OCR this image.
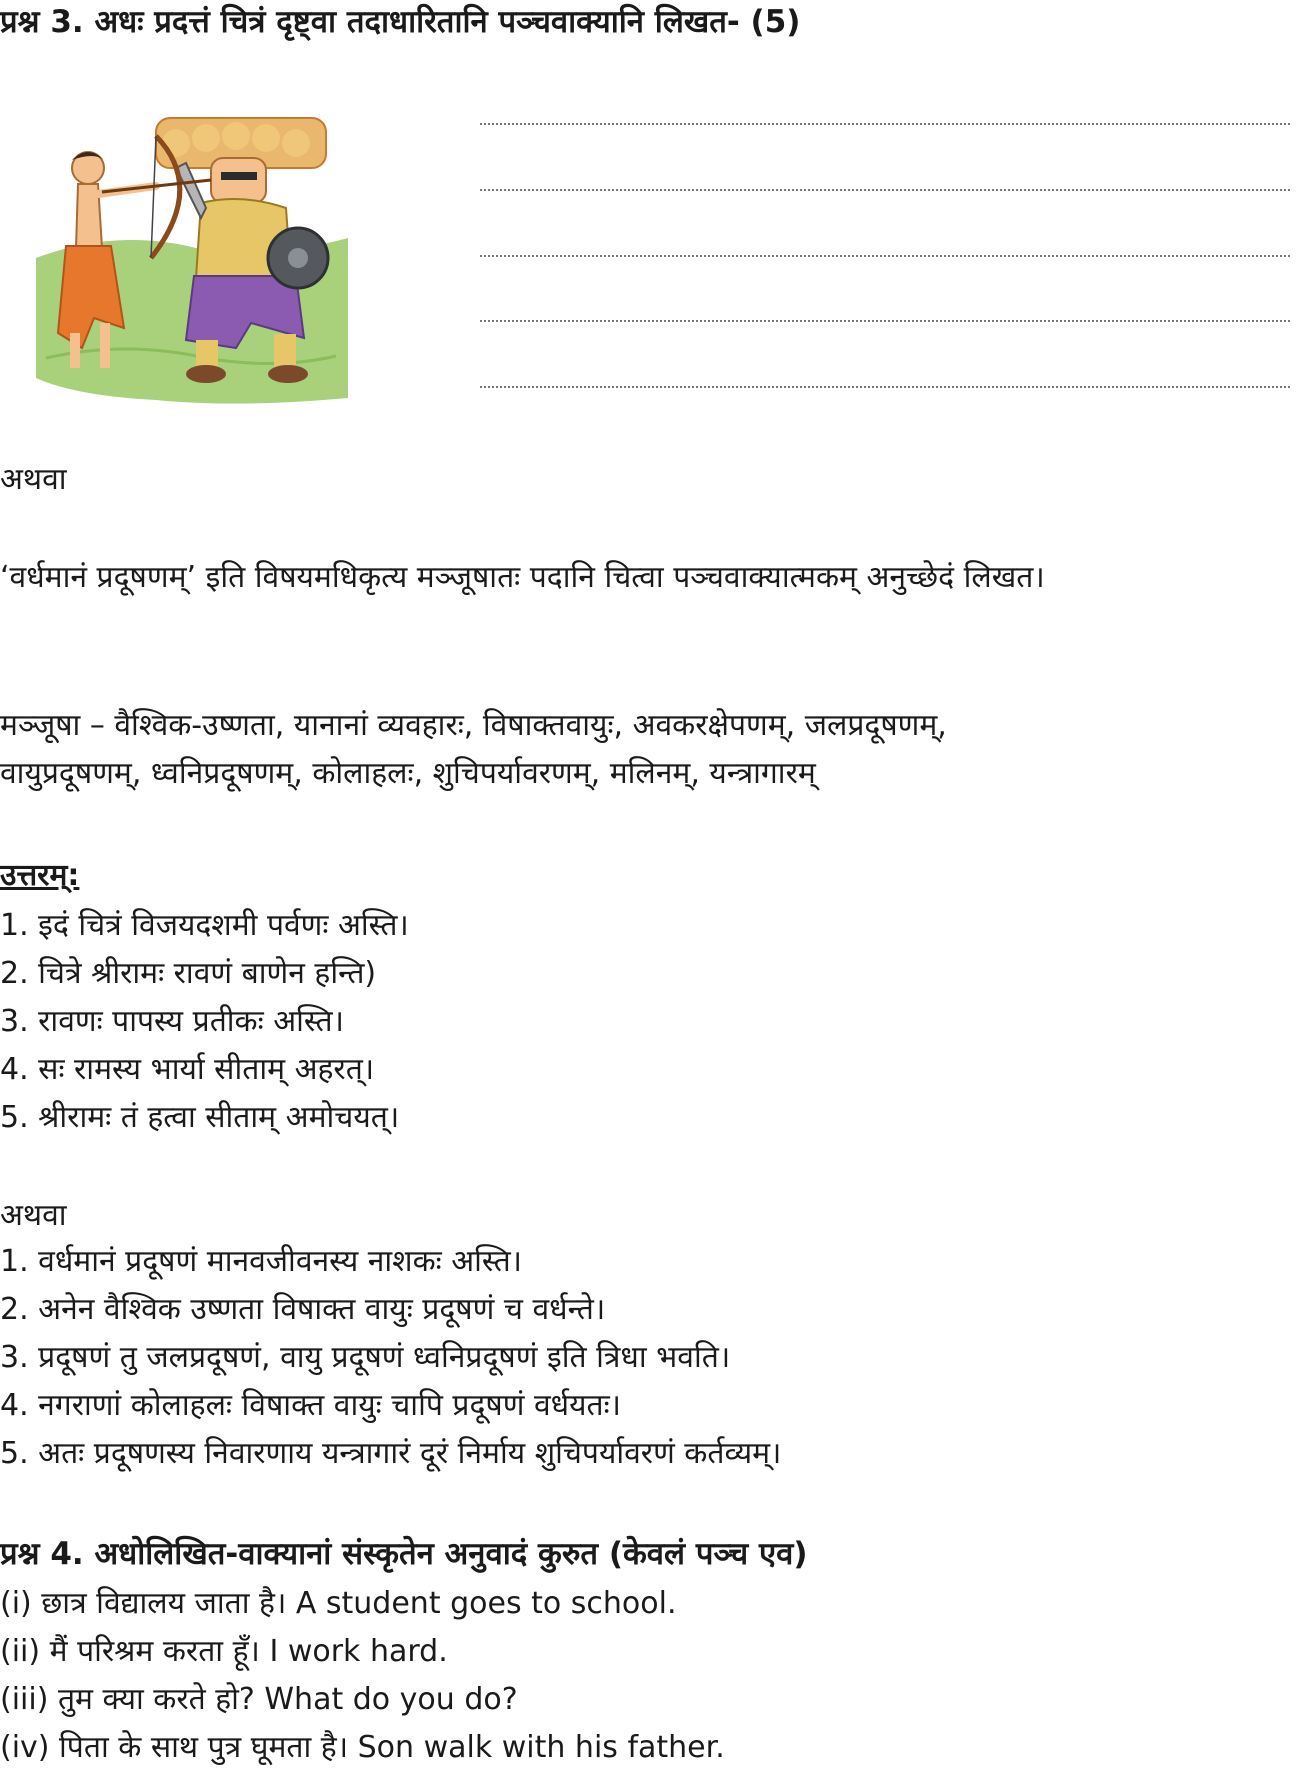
प्रश्न 3. अधः प्रदत्तं चित्रं दृष्ट्वा तदाधारितानि पञ्चवाक्यानि लिखत- (5)
अथवा
‘वर्धमानं प्रदूषणम्’ इति विषयमधिकृत्य मञ्जूषातः पदानि चित्वा पञ्चवाक्यात्मकम् अनुच्छेदं लिखत।
मञ्जूषा – वैश्विक-उष्णता, यानानां व्यवहारः, विषाक्तवायुः, अवकरक्षेपणम्, जलप्रदूषणम्,
वायुप्रदूषणम्, ध्वनिप्रदूषणम्, कोलाहलः, शुचिपर्यावरणम्, मलिनम्, यन्त्रागारम्
उत्तरम्:
1. इदं चित्रं विजयदशमी पर्वणः अस्ति।
2. चित्रे श्रीरामः रावणं बाणेन हन्ति)
3. रावणः पापस्य प्रतीकः अस्ति।
4. सः रामस्य भार्या सीताम् अहरत्।
5. श्रीरामः तं हत्वा सीताम् अमोचयत्।
अथवा
1. वर्धमानं प्रदूषणं मानवजीवनस्य नाशकः अस्ति।
2. अनेन वैश्विक उष्णता विषाक्त वायुः प्रदूषणं च वर्धन्ते।
3. प्रदूषणं तु जलप्रदूषणं, वायु प्रदूषणं ध्वनिप्रदूषणं इति त्रिधा भवति।
4. नगराणां कोलाहलः विषाक्त वायुः चापि प्रदूषणं वर्धयतः।
5. अतः प्रदूषणस्य निवारणाय यन्त्रागारं दूरं निर्माय शुचिपर्यावरणं कर्तव्यम्।
प्रश्न 4. अधोलिखित-वाक्यानां संस्कृतेन अनुवादं कुरुत (केवलं पञ्च एव)
(i) छात्र विद्यालय जाता है। A student goes to school.
(ii) मैं परिश्रम करता हूँ। I work hard.
(iii) तुम क्या करते हो? What do you do?
(iv) पिता के साथ पुत्र घूमता है। Son walk with his father.
